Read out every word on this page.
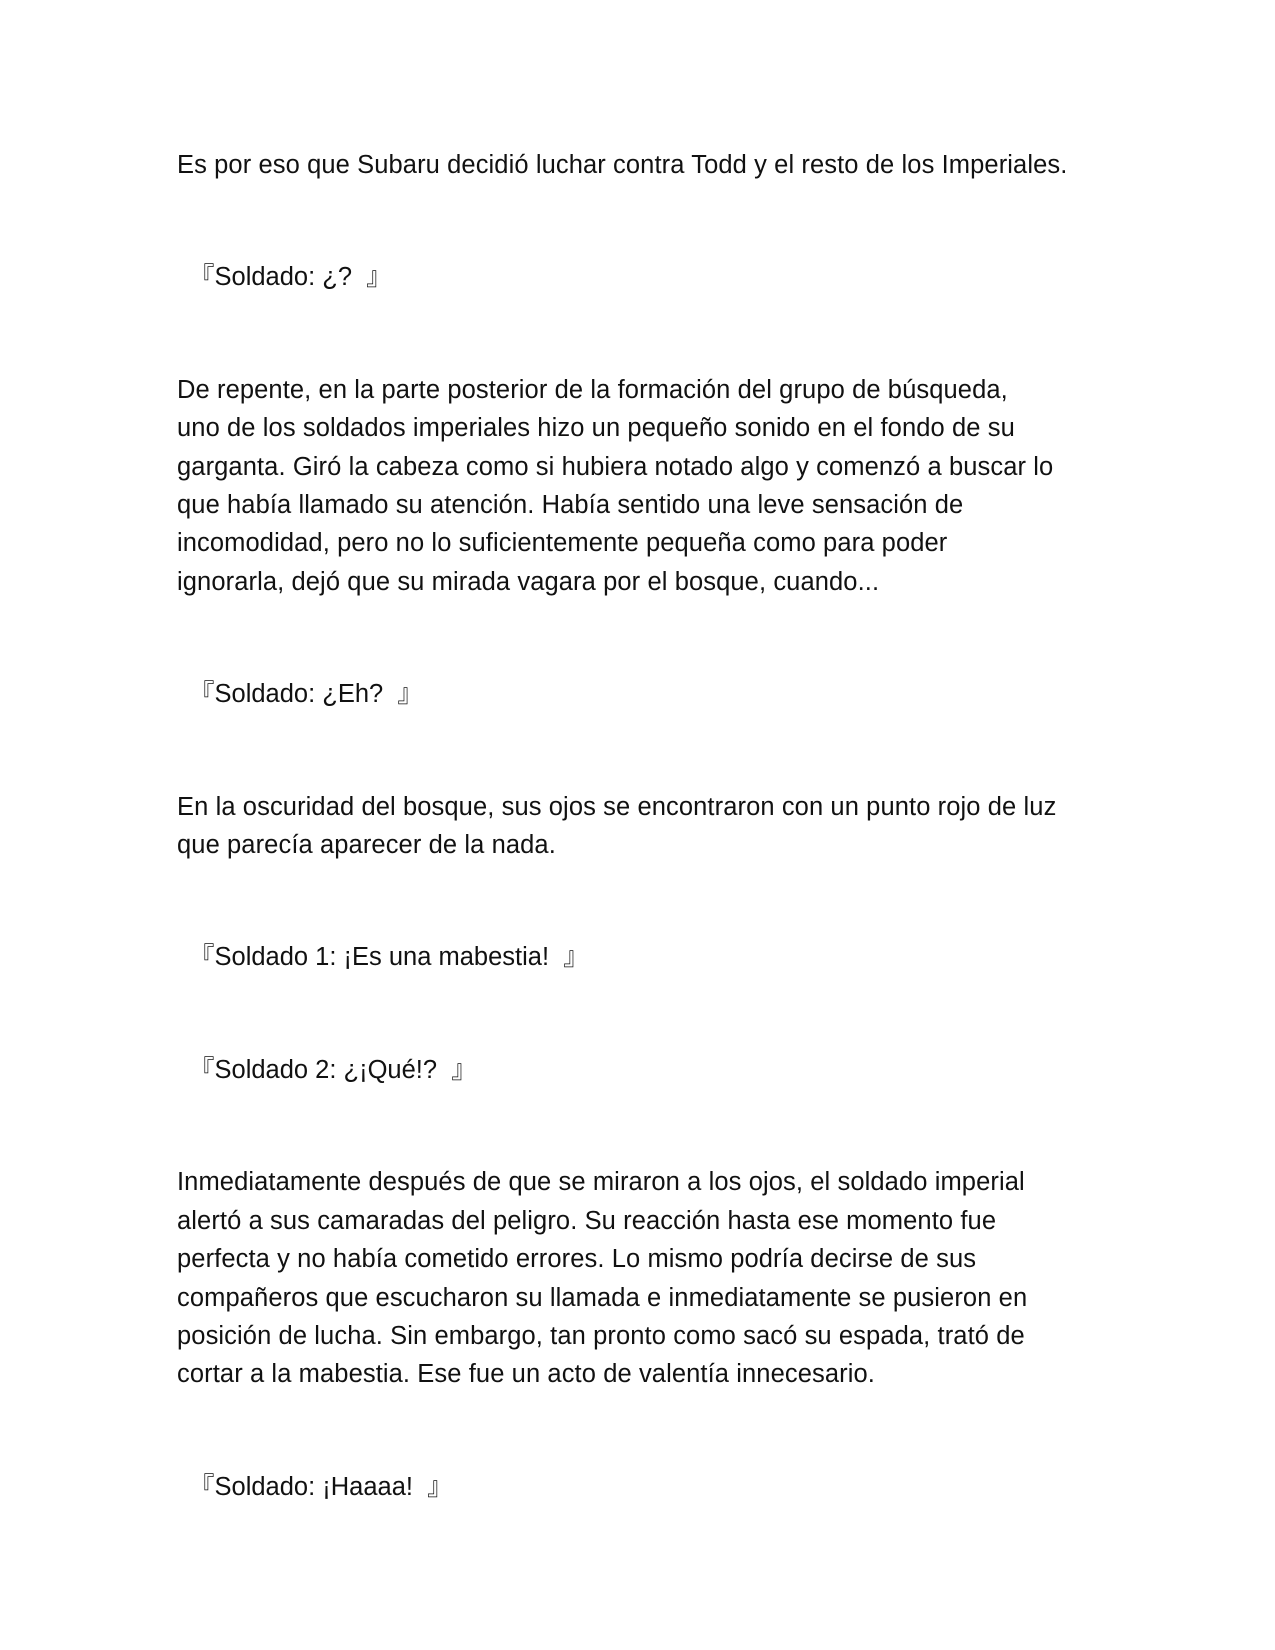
Es por eso que Subaru decidió luchar contra Todd y el resto de los Imperiales.

『Soldado: ¿?  』

De repente, en la parte posterior de la formación del grupo de búsqueda,
uno de los soldados imperiales hizo un pequeño sonido en el fondo de su
garganta. Giró la cabeza como si hubiera notado algo y comenzó a buscar lo
que había llamado su atención. Había sentido una leve sensación de
incomodidad, pero no lo suficientemente pequeña como para poder
ignorarla, dejó que su mirada vagara por el bosque, cuando...

『Soldado: ¿Eh?  』

En la oscuridad del bosque, sus ojos se encontraron con un punto rojo de luz
que parecía aparecer de la nada.

『Soldado 1: ¡Es una mabestia!  』

『Soldado 2: ¿¡Qué!?  』

Inmediatamente después de que se miraron a los ojos, el soldado imperial
alertó a sus camaradas del peligro. Su reacción hasta ese momento fue
perfecta y no había cometido errores. Lo mismo podría decirse de sus
compañeros que escucharon su llamada e inmediatamente se pusieron en
posición de lucha. Sin embargo, tan pronto como sacó su espada, trató de
cortar a la mabestia. Ese fue un acto de valentía innecesario.

『Soldado: ¡Haaaa!  』
